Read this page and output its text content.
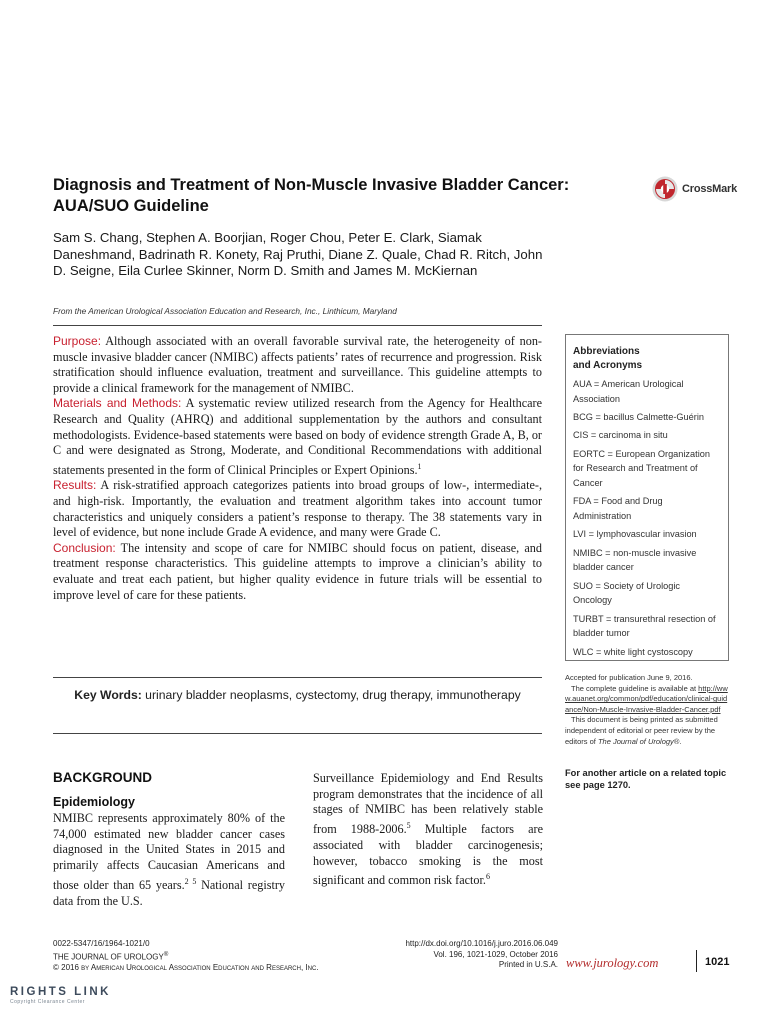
Diagnosis and Treatment of Non-Muscle Invasive Bladder Cancer: AUA/SUO Guideline
CrossMark
Sam S. Chang, Stephen A. Boorjian, Roger Chou, Peter E. Clark, Siamak Daneshmand, Badrinath R. Konety, Raj Pruthi, Diane Z. Quale, Chad R. Ritch, John D. Seigne, Eila Curlee Skinner, Norm D. Smith and James M. McKiernan
From the American Urological Association Education and Research, Inc., Linthicum, Maryland

Purpose: Although associated with an overall favorable survival rate, the heterogeneity of non-muscle invasive bladder cancer (NMIBC) affects patients’ rates of recurrence and progression. Risk stratification should influence evaluation, treatment and surveillance. This guideline attempts to provide a clinical framework for the management of NMIBC.

Materials and Methods: A systematic review utilized research from the Agency for Healthcare Research and Quality (AHRQ) and additional supplementation by the authors and consultant methodologists. Evidence-based statements were based on body of evidence strength Grade A, B, or C and were designated as Strong, Moderate, and Conditional Recommendations with additional statements presented in the form of Clinical Principles or Expert Opinions.$^1$

Results: A risk-stratified approach categorizes patients into broad groups of low-, intermediate-, and high-risk. Importantly, the evaluation and treatment algorithm takes into account tumor characteristics and uniquely considers a patient’s response to therapy. The 38 statements vary in level of evidence, but none include Grade A evidence, and many were Grade C.

Conclusion: The intensity and scope of care for NMIBC should focus on patient, disease, and treatment response characteristics. This guideline attempts to improve a clinician’s ability to evaluate and treat each patient, but higher quality evidence in future trials will be essential to improve level of care for these patients.

Key Words: urinary bladder neoplasms, cystectomy, drug therapy, immunotherapy
Abbreviations
and Acronyms
AUA = American Urological Association
BCG = bacillus Calmette-Guérin
CIS = carcinoma in situ
EORTC = European Organization for Research and Treatment of Cancer
FDA = Food and Drug Administration
LVI = lymphovascular invasion
NMIBC = non-muscle invasive bladder cancer
SUO = Society of Urologic Oncology
TURBT = transurethral resection of bladder tumor
WLC = white light cystoscopy
Accepted for publication June 9, 2016.
The complete guideline is available at http://www.auanet.org/common/pdf/education/clinical-guidance/Non-Muscle-Invasive-Bladder-Cancer.pdf
This document is being printed as submitted independent of editorial or peer review by the editors of The Journal of Urology®.
For another article on a related topic see page 1270.
BACKGROUND
Epidemiology
NMIBC represents approximately 80% of the 74,000 estimated new bladder cancer cases diagnosed in the United States in 2015 and primarily affects Caucasian Americans and those older than 65 years.$^{2 5}$ National registry data from the U.S.
Surveillance Epidemiology and End Results program demonstrates that the incidence of all stages of NMIBC has been relatively stable from 1988-2006.$^5$ Multiple factors are associated with bladder carcinogenesis; however, tobacco smoking is the most significant and common risk factor.$^6$
0022-5347/16/1964-1021/0
THE JOURNAL OF UROLOGY®
© 2016 by American Urological Association Education and Research, Inc.
http://dx.doi.org/10.1016/j.juro.2016.06.049
Vol. 196, 1021-1029, October 2016
Printed in U.S.A. www.jurology.com	1021
RIGHTS LINK
Copyright Clearance Center
